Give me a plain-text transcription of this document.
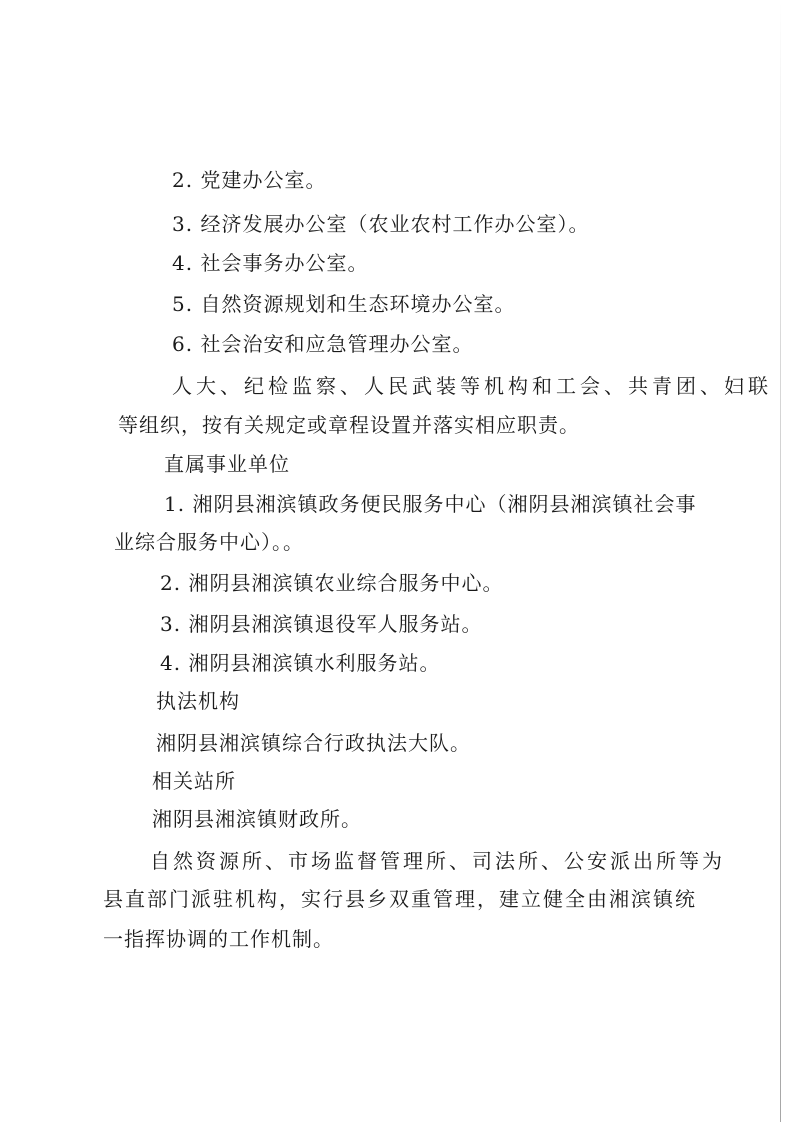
2. 党建办公室。
3. 经济发展办公室（农业农村工作办公室）。
4. 社会事务办公室。
5. 自然资源规划和生态环境办公室。
6. 社会治安和应急管理办公室。
人大、纪检监察、人民武装等机构和工会、共青团、妇联
等组织，按有关规定或章程设置并落实相应职责。
直属事业单位
1. 湘阴县湘滨镇政务便民服务中心（湘阴县湘滨镇社会事
业综合服务中心）。。
2. 湘阴县湘滨镇农业综合服务中心。
3. 湘阴县湘滨镇退役军人服务站。
4. 湘阴县湘滨镇水利服务站。
执法机构
湘阴县湘滨镇综合行政执法大队。
相关站所
湘阴县湘滨镇财政所。
自然资源所、市场监督管理所、司法所、公安派出所等为
县直部门派驻机构，实行县乡双重管理，建立健全由湘滨镇统
一指挥协调的工作机制。
